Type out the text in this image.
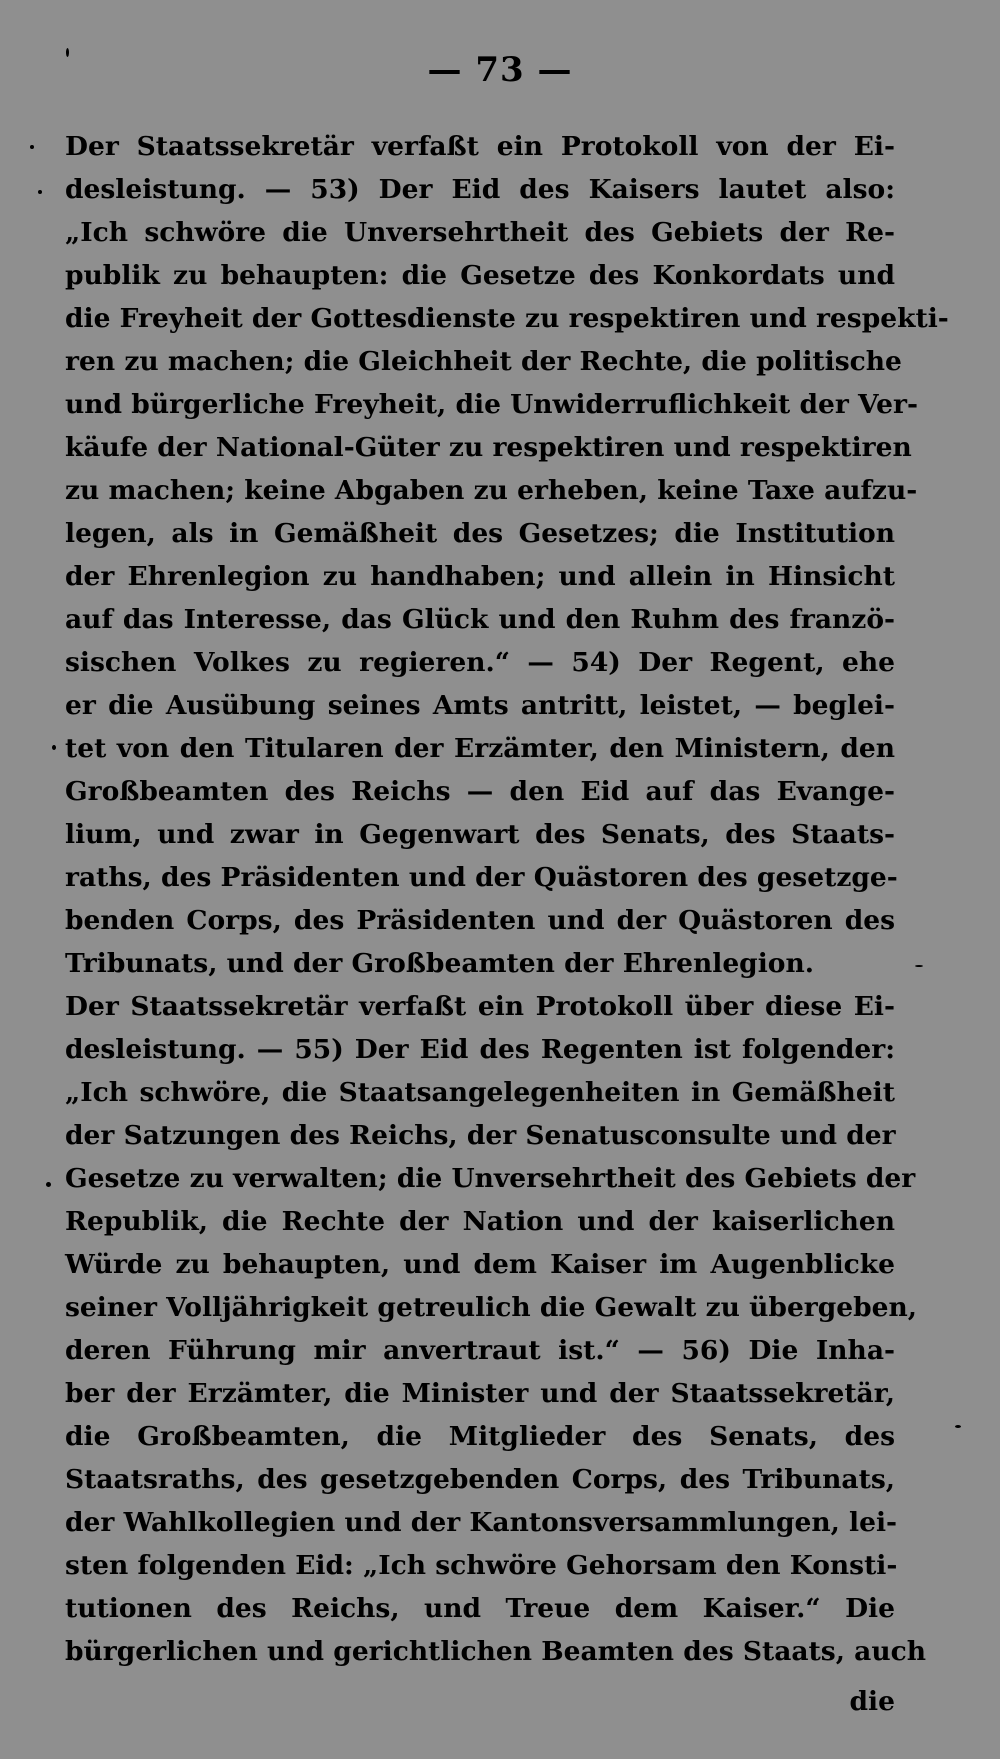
— 73 —
Der Staatssekretär verfaßt ein Protokoll von der Ei-
desleistung. — 53) Der Eid des Kaisers lautet also:
„Ich schwöre die Unversehrtheit des Gebiets der Re-
publik zu behaupten: die Gesetze des Konkordats und
die Freyheit der Gottesdienste zu respektiren und respekti-
ren zu machen; die Gleichheit der Rechte, die politische
und bürgerliche Freyheit, die Unwiderruflichkeit der Ver-
käufe der National-Güter zu respektiren und respektiren
zu machen; keine Abgaben zu erheben, keine Taxe aufzu-
legen, als in Gemäßheit des Gesetzes; die Institution
der Ehrenlegion zu handhaben; und allein in Hinsicht
auf das Interesse, das Glück und den Ruhm des franzö-
sischen Volkes zu regieren.“ — 54) Der Regent, ehe
er die Ausübung seines Amts antritt, leistet, — beglei-
tet von den Titularen der Erzämter, den Ministern, den
Großbeamten des Reichs — den Eid auf das Evange-
lium, und zwar in Gegenwart des Senats, des Staats-
raths, des Präsidenten und der Quästoren des gesetzge-
benden Corps, des Präsidenten und der Quästoren des
Tribunats, und der Großbeamten der Ehrenlegion.
Der Staatssekretär verfaßt ein Protokoll über diese Ei-
desleistung. — 55) Der Eid des Regenten ist folgender:
„Ich schwöre, die Staatsangelegenheiten in Gemäßheit
der Satzungen des Reichs, der Senatusconsulte und der
Gesetze zu verwalten; die Unversehrtheit des Gebiets der
Republik, die Rechte der Nation und der kaiserlichen
Würde zu behaupten, und dem Kaiser im Augenblicke
seiner Volljährigkeit getreulich die Gewalt zu übergeben,
deren Führung mir anvertraut ist.“ — 56) Die Inha-
ber der Erzämter, die Minister und der Staatssekretär,
die Großbeamten, die Mitglieder des Senats, des
Staatsraths, des gesetzgebenden Corps, des Tribunats,
der Wahlkollegien und der Kantonsversammlungen, lei-
sten folgenden Eid: „Ich schwöre Gehorsam den Konsti-
tutionen des Reichs, und Treue dem Kaiser.“ Die
bürgerlichen und gerichtlichen Beamten des Staats, auch
die
